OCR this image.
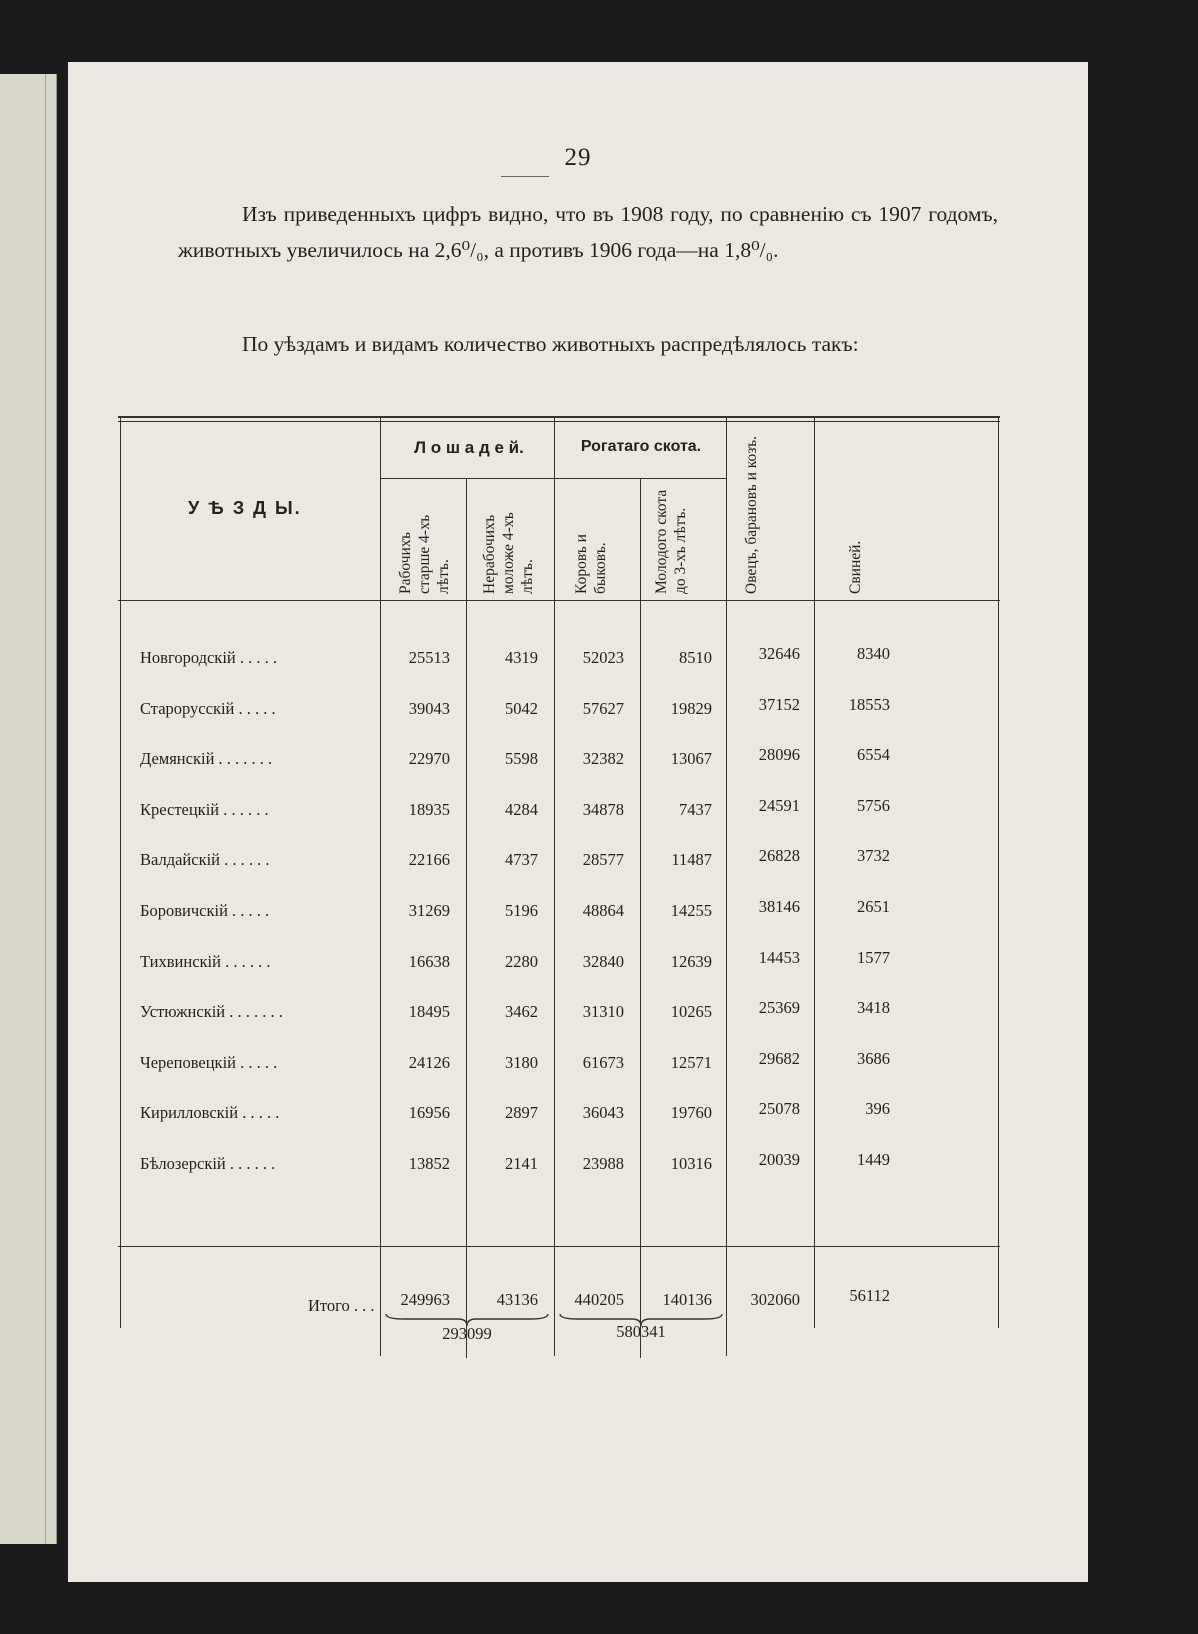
29
Изъ приведенныхъ цифръ видно, что въ 1908 году, по сравненію съ 1907 годомъ, животныхъ увеличилось на 2,6⁰/₀, а противъ 1906 года—на 1,8⁰/₀.
По уѣздамъ и видамъ количество животныхъ распредѣлялось такъ:
У Ѣ З Д Ы.
Л о ш а д е й.	Рогатаго скота.
Рабочихъ старше 4-хъ лѣтъ.	Нерабочихъ моложе 4-хъ лѣтъ.	Коровъ и быковъ.	Молодого скота до 3-хъ лѣтъ.	Овецъ, барановъ и козъ.	Свиней.
Новгородскій . . . . .	25513	4319	52023	8510	32646	8340
Старорусскій . . . . .	39043	5042	57627	19829	37152	18553
Демянскій . . . . . . .	22970	5598	32382	13067	28096	6554
Крестецкій . . . . . .	18935	4284	34878	7437	24591	5756
Валдайскій . . . . . .	22166	4737	28577	11487	26828	3732
Боровичскій . . . . .	31269	5196	48864	14255	38146	2651
Тихвинскій . . . . . .	16638	2280	32840	12639	14453	1577
Устюжнскій . . . . . . .	18495	3462	31310	10265	25369	3418
Череповецкій . . . . .	24126	3180	61673	12571	29682	3686
Кирилловскій . . . . .	16956	2897	36043	19760	25078	396
Бѣлозерскій . . . . . .	13852	2141	23988	10316	20039	1449
Итого . . .	249963	43136	440205	140136	302060	56112
293099	580341
